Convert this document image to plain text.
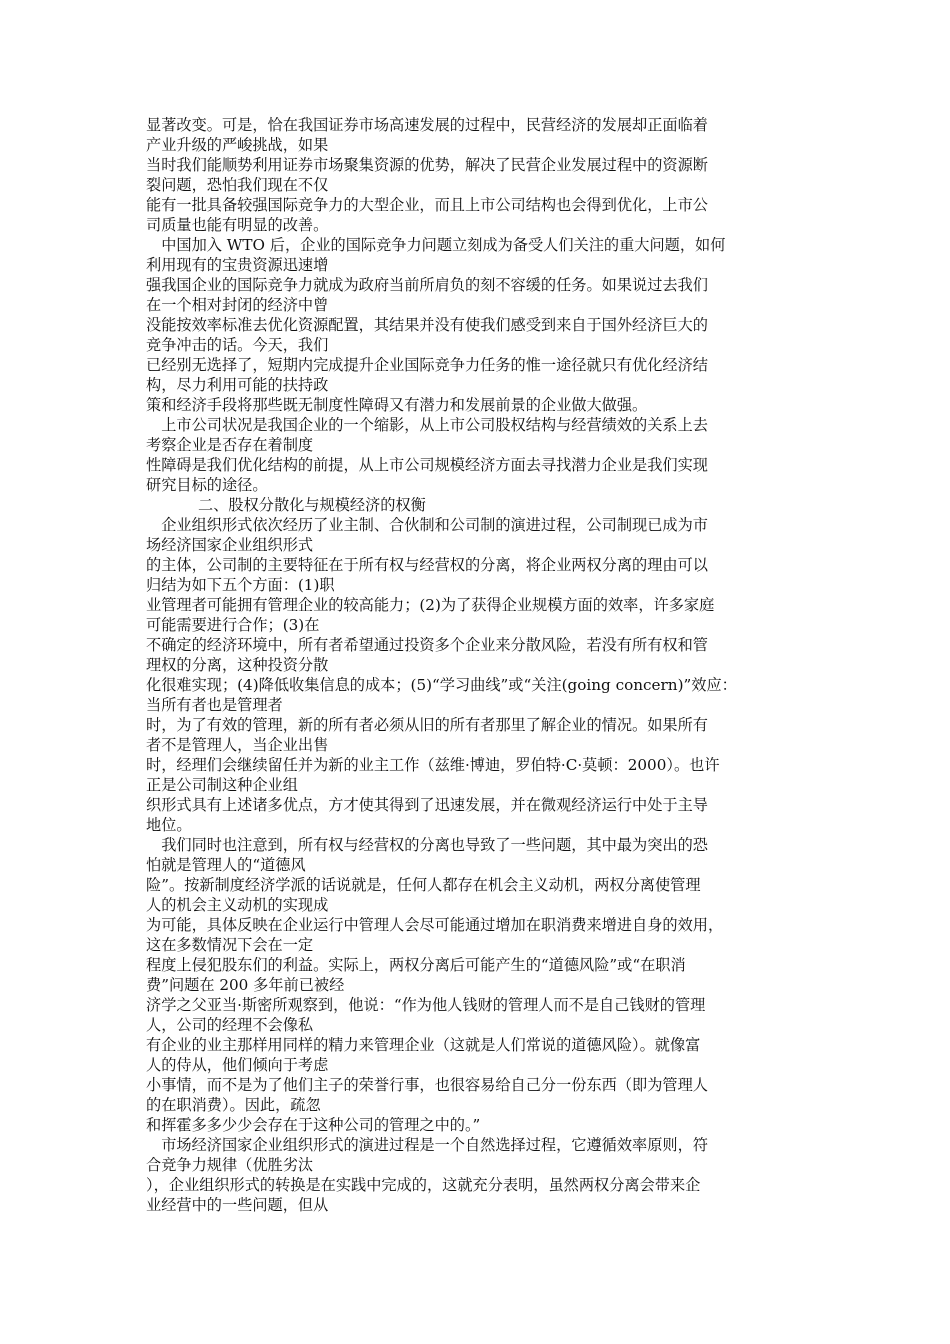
显著改变。可是，恰在我国证券市场高速发展的过程中，民营经济的发展却正面临着
产业升级的严峻挑战，如果
当时我们能顺势利用证券市场聚集资源的优势，解决了民营企业发展过程中的资源断
裂问题，恐怕我们现在不仅
能有一批具备较强国际竞争力的大型企业，而且上市公司结构也会得到优化，上市公
司质量也能有明显的改善。
　中国加入 WTO 后，企业的国际竞争力问题立刻成为备受人们关注的重大问题，如何
利用现有的宝贵资源迅速增
强我国企业的国际竞争力就成为政府当前所肩负的刻不容缓的任务。如果说过去我们
在一个相对封闭的经济中曾
没能按效率标准去优化资源配置，其结果并没有使我们感受到来自于国外经济巨大的
竞争冲击的话。今天，我们
已经别无选择了，短期内完成提升企业国际竞争力任务的惟一途径就只有优化经济结
构，尽力利用可能的扶持政
策和经济手段将那些既无制度性障碍又有潜力和发展前景的企业做大做强。
　上市公司状况是我国企业的一个缩影，从上市公司股权结构与经营绩效的关系上去
考察企业是否存在着制度
性障碍是我们优化结构的前提，从上市公司规模经济方面去寻找潜力企业是我们实现
研究目标的途径。
二、股权分散化与规模经济的权衡
　企业组织形式依次经历了业主制、合伙制和公司制的演进过程，公司制现已成为市
场经济国家企业组织形式
的主体，公司制的主要特征在于所有权与经营权的分离，将企业两权分离的理由可以
归结为如下五个方面：(1)职
业管理者可能拥有管理企业的较高能力；(2)为了获得企业规模方面的效率，许多家庭
可能需要进行合作；(3)在
不确定的经济环境中，所有者希望通过投资多个企业来分散风险，若没有所有权和管
理权的分离，这种投资分散
化很难实现；(4)降低收集信息的成本；(5)“学习曲线”或“关注(going concern)”效应：
当所有者也是管理者
时，为了有效的管理，新的所有者必须从旧的所有者那里了解企业的情况。如果所有
者不是管理人，当企业出售
时，经理们会继续留任并为新的业主工作（兹维·博迪，罗伯特·C·莫顿：2000）。也许
正是公司制这种企业组
织形式具有上述诸多优点，方才使其得到了迅速发展，并在微观经济运行中处于主导
地位。
　我们同时也注意到，所有权与经营权的分离也导致了一些问题，其中最为突出的恐
怕就是管理人的“道德风
险”。按新制度经济学派的话说就是，任何人都存在机会主义动机，两权分离使管理
人的机会主义动机的实现成
为可能，具体反映在企业运行中管理人会尽可能通过增加在职消费来增进自身的效用，
这在多数情况下会在一定
程度上侵犯股东们的利益。实际上，两权分离后可能产生的“道德风险”或“在职消
费”问题在 200 多年前已被经
济学之父亚当·斯密所观察到，他说：“作为他人钱财的管理人而不是自己钱财的管理
人，公司的经理不会像私
有企业的业主那样用同样的精力来管理企业（这就是人们常说的道德风险）。就像富
人的侍从，他们倾向于考虑
小事情，而不是为了他们主子的荣誉行事，也很容易给自己分一份东西（即为管理人
的在职消费）。因此，疏忽
和挥霍多多少少会存在于这种公司的管理之中的。”
　市场经济国家企业组织形式的演进过程是一个自然选择过程，它遵循效率原则，符
合竞争力规律（优胜劣汰
），企业组织形式的转换是在实践中完成的，这就充分表明，虽然两权分离会带来企
业经营中的一些问题，但从
